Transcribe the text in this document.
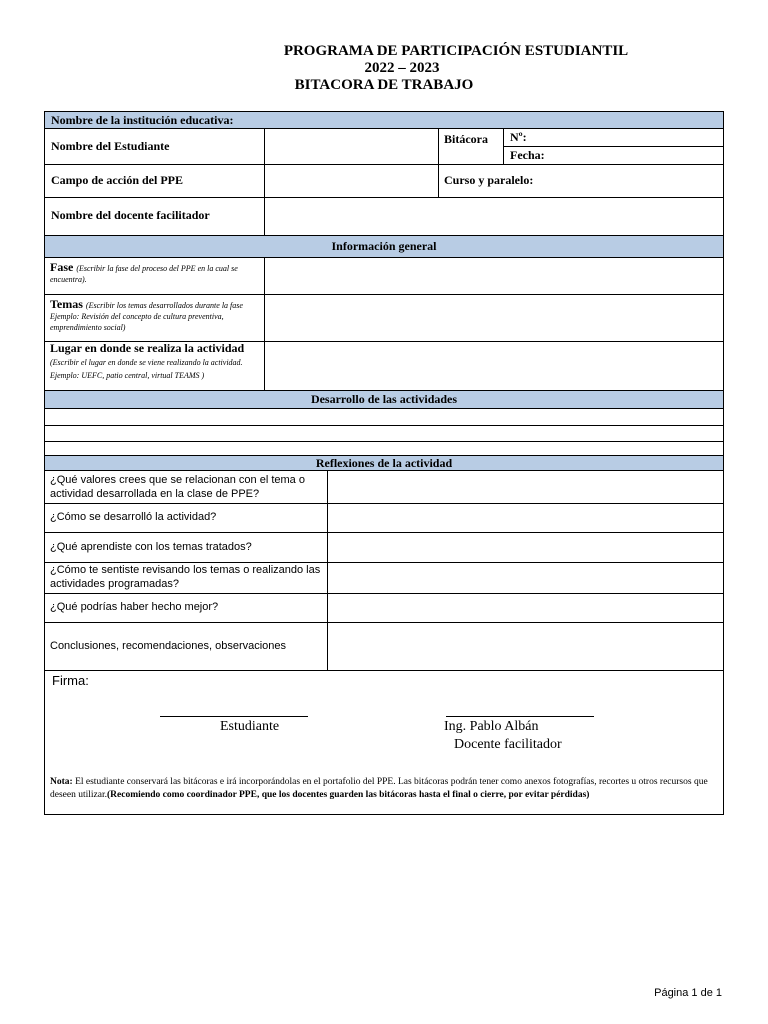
PROGRAMA DE PARTICIPACIÓN ESTUDIANTIL
2022 – 2023
BITACORA DE TRABAJO
Nombre de la institución educativa:
Nombre del Estudiante	Bitácora	Nº:
Fecha:
Campo de acción del PPE	Curso y paralelo:
Nombre del docente facilitador
Información general
Fase (Escribir la fase del proceso del PPE en la cual se encuentra).
Temas (Escribir los temas desarrollados durante la fase Ejemplo: Revisión del concepto de cultura preventiva, emprendimiento social)
Lugar en donde se realiza la actividad (Escribir el lugar en donde se viene realizando la actividad. Ejemplo: UEFC, patio central, virtual TEAMS )
Desarrollo de las actividades
Reflexiones de la actividad
¿Qué valores crees que se relacionan con el tema o actividad desarrollada en la clase de PPE?
¿Cómo se desarrolló la actividad?
¿Qué aprendiste con los temas tratados?
¿Cómo te sentiste revisando los temas o realizando las actividades programadas?
¿Qué podrías haber hecho mejor?
Conclusiones, recomendaciones, observaciones
Firma:
Estudiante	Ing. Pablo Albán
Docente facilitador
Nota: El estudiante conservará las bitácoras e irá incorporándolas en el portafolio del PPE. Las bitácoras podrán tener como anexos fotografías, recortes u otros recursos que deseen utilizar.(Recomiendo como coordinador PPE, que los docentes guarden las bitácoras hasta el final o cierre, por evitar pérdidas)
Página 1 de 1
